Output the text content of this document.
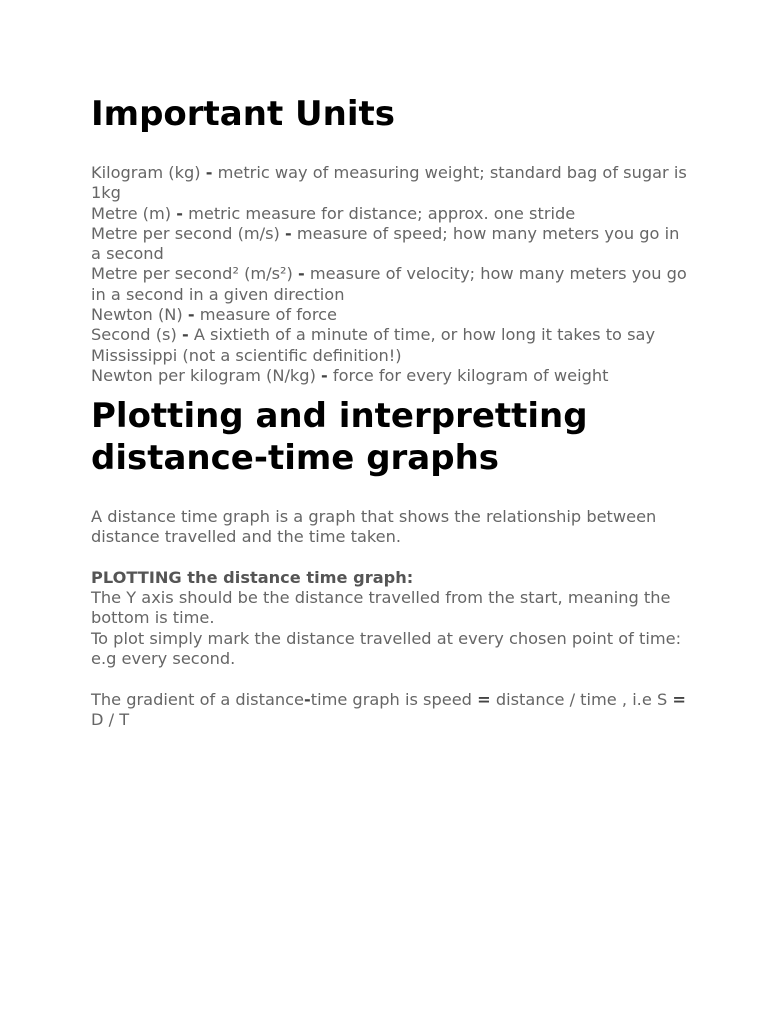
Important Units
Kilogram (kg) - metric way of measuring weight; standard bag of sugar is 1kg
Metre (m) - metric measure for distance; approx. one stride
Metre per second (m/s) - measure of speed; how many meters you go in a second
Metre per second² (m/s²) - measure of velocity; how many meters you go in a second in a given direction
Newton (N) - measure of force
Second (s) - A sixtieth of a minute of time, or how long it takes to say Mississippi (not a scientific definition!)
Newton per kilogram (N/kg) - force for every kilogram of weight
Plotting and interpretting distance-time graphs
A distance time graph is a graph that shows the relationship between distance travelled and the time taken.
PLOTTING the distance time graph:
The Y axis should be the distance travelled from the start, meaning the bottom is time.
To plot simply mark the distance travelled at every chosen point of time: e.g every second.
The gradient of a distance-time graph is speed = distance / time , i.e S = D / T
